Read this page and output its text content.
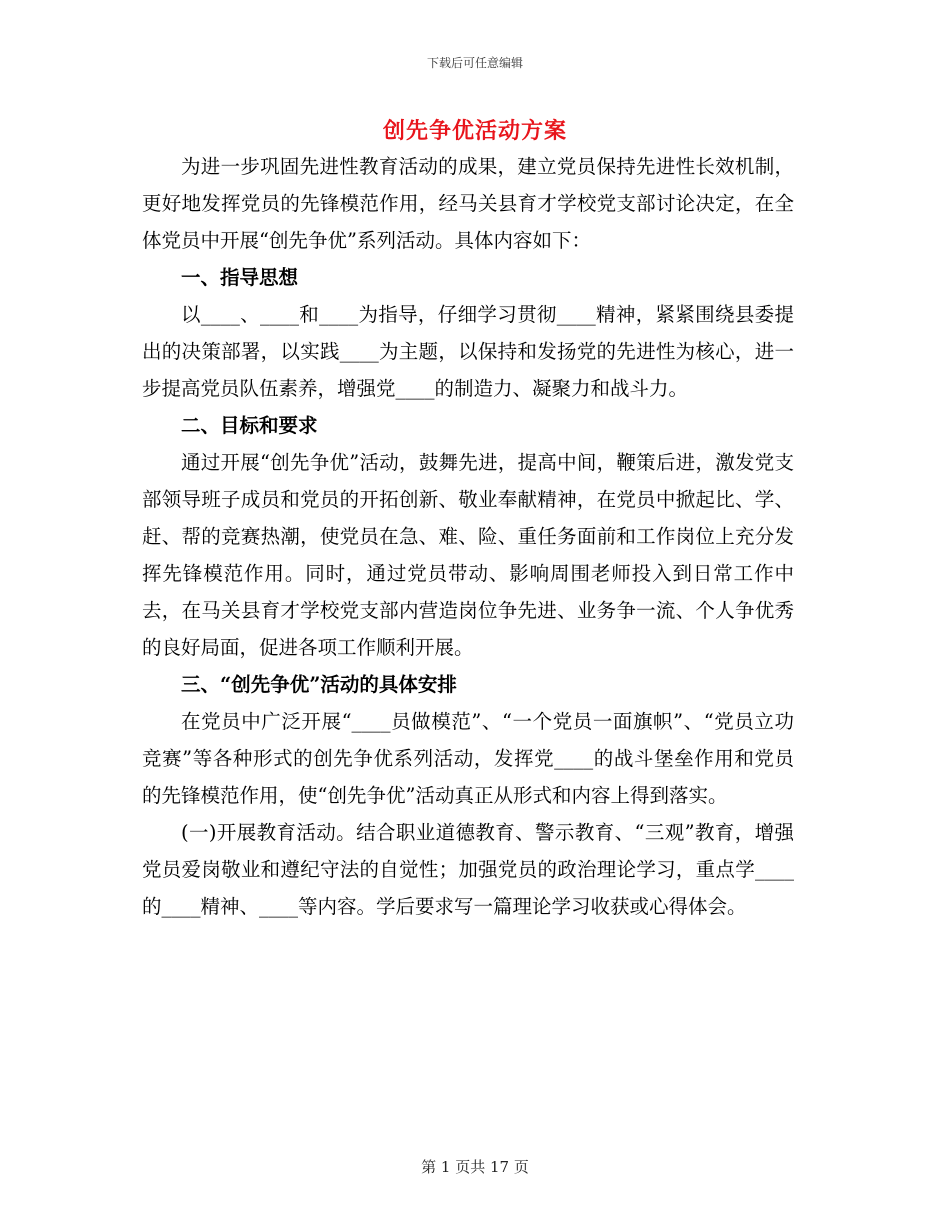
下载后可任意编辑
创先争优活动方案

为进一步巩固先进性教育活动的成果，建立党员保持先进性长效机制，更好地发挥党员的先锋模范作用，经马关县育才学校党支部讨论决定，在全体党员中开展“创先争优”系列活动。具体内容如下：

一、指导思想

以____、____和____为指导，仔细学习贯彻____精神，紧紧围绕县委提出的决策部署，以实践____为主题，以保持和发扬党的先进性为核心，进一步提高党员队伍素养，增强党____的制造力、凝聚力和战斗力。

二、目标和要求

通过开展“创先争优”活动，鼓舞先进，提高中间，鞭策后进，激发党支部领导班子成员和党员的开拓创新、敬业奉献精神，在党员中掀起比、学、赶、帮的竞赛热潮，使党员在急、难、险、重任务面前和工作岗位上充分发挥先锋模范作用。同时，通过党员带动、影响周围老师投入到日常工作中去，在马关县育才学校党支部内营造岗位争先进、业务争一流、个人争优秀的良好局面，促进各项工作顺利开展。

三、“创先争优”活动的具体安排

在党员中广泛开展“____员做模范”、“一个党员一面旗帜”、“党员立功竞赛”等各种形式的创先争优系列活动，发挥党____的战斗堡垒作用和党员的先锋模范作用，使“创先争优”活动真正从形式和内容上得到落实。

(一)开展教育活动。结合职业道德教育、警示教育、“三观”教育，增强党员爱岗敬业和遵纪守法的自觉性；加强党员的政治理论学习，重点学____的____精神、____等内容。学后要求写一篇理论学习收获或心得体会。

第 1 页共 17 页
